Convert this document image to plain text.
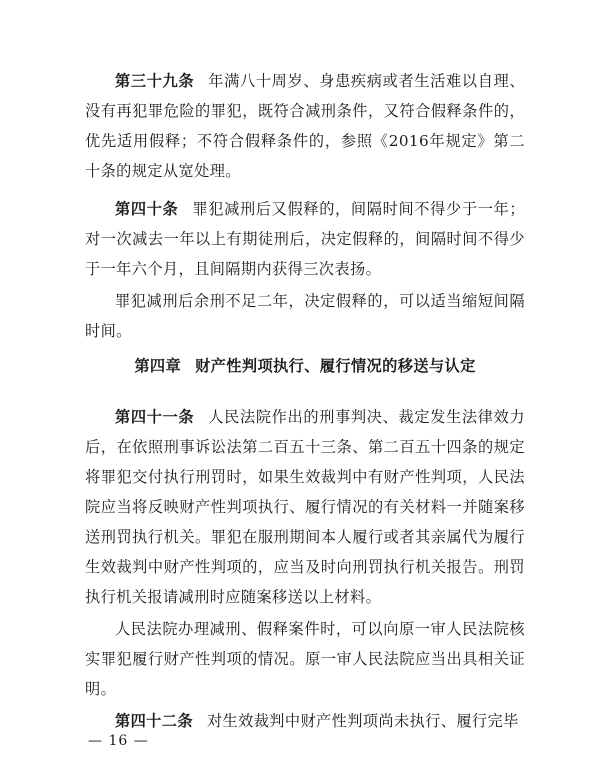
第三十九条 年满八十周岁、身患疾病或者生活难以自理、没有再犯罪危险的罪犯，既符合减刑条件，又符合假释条件的，优先适用假释；不符合假释条件的，参照《2016年规定》第二十条的规定从宽处理。

第四十条 罪犯减刑后又假释的，间隔时间不得少于一年；对一次减去一年以上有期徒刑后，决定假释的，间隔时间不得少于一年六个月，且间隔期内获得三次表扬。

罪犯减刑后余刑不足二年，决定假释的，可以适当缩短间隔时间。

第四章 财产性判项执行、履行情况的移送与认定

第四十一条 人民法院作出的刑事判决、裁定发生法律效力后，在依照刑事诉讼法第二百五十三条、第二百五十四条的规定将罪犯交付执行刑罚时，如果生效裁判中有财产性判项，人民法院应当将反映财产性判项执行、履行情况的有关材料一并随案移送刑罚执行机关。罪犯在服刑期间本人履行或者其亲属代为履行生效裁判中财产性判项的，应当及时向刑罚执行机关报告。刑罚执行机关报请减刑时应随案移送以上材料。

人民法院办理减刑、假释案件时，可以向原一审人民法院核实罪犯履行财产性判项的情况。原一审人民法院应当出具相关证明。

第四十二条 对生效裁判中财产性判项尚未执行、履行完毕

— 16 —
